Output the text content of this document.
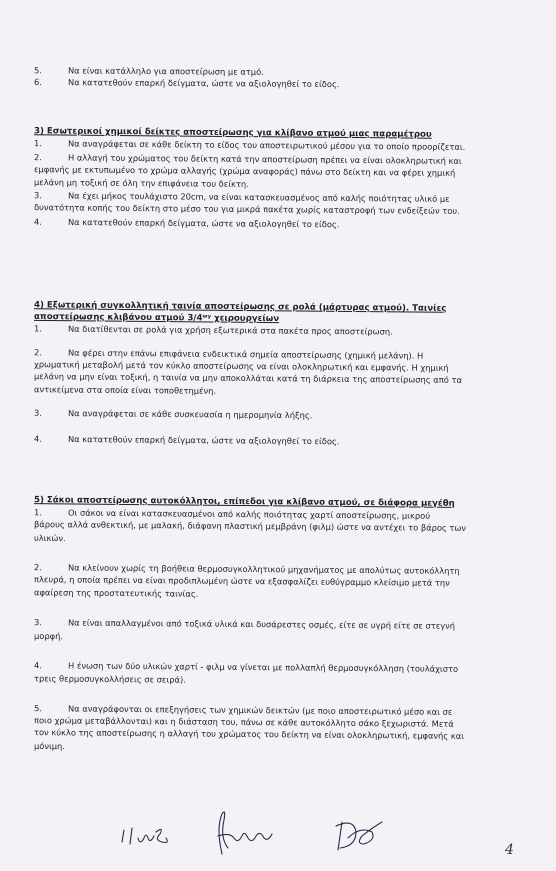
5.	Να είναι κατάλληλο για αποστείρωση με ατμό.
6.	Να κατατεθούν επαρκή δείγματα, ώστε να αξιολογηθεί το είδος.
3) Εσωτερικοί χημικοί δείκτες αποστείρωσης για κλίβανο ατμού μιας παραμέτρου
1.	Να αναγράφεται σε κάθε δείκτη το είδος του αποστειρωτικού μέσου για το οποίο προορίζεται.
2.	Η αλλαγή του χρώματος του δείκτη κατά την αποστείρωση πρέπει να είναι ολοκληρωτική και
εμφανής με εκτυπωμένο το χρώμα αλλαγής (χρώμα αναφοράς) πάνω στο δείκτη και να φέρει χημική
μελάνη μη τοξική σε όλη την επιφάνεια του δείκτη.
3.	Να έχει μήκος τουλάχιστο 20cm, να είναι κατασκευασμένος από καλής ποιότητας υλικό με
δυνατότητα κοπής του δείκτη στο μέσο του για μικρά πακέτα χωρίς καταστροφή των ενδείξεών του.
4.	Να κατατεθούν επαρκή δείγματα, ώστε να αξιολογηθεί το είδος.
4) Εξωτερική συγκολλητική ταινία αποστείρωσης σε ρολά (μάρτυρας ατμού). Ταινίες
αποστείρωσης κλιβάνου ατμού 3/4ʷʸ χειρουργείων
1.	Να διατίθενται σε ρολά για χρήση εξωτερικά στα πακέτα προς αποστείρωση.
2.	Να φέρει στην επάνω επιφάνεια ενδεικτικά σημεία αποστείρωσης (χημική μελάνη). Η
χρωματική μεταβολή μετά τον κύκλο αποστείρωσης να είναι ολοκληρωτική και εμφανής. Η χημική
μελάνη να μην είναι τοξική, η ταινία να μην αποκολλάται κατά τη διάρκεια της αποστείρωσης από τα
αντικείμενα στα οποία είναι τοποθετημένη.
3.	Να αναγράφεται σε κάθε συσκευασία η ημερομηνία λήξης.
4.	Να κατατεθούν επαρκή δείγματα, ώστε να αξιολογηθεί το είδος.
5) Σάκοι αποστείρωσης αυτοκόλλητοι, επίπεδοι για κλίβανο ατμού, σε διάφορα μεγέθη
1.	Οι σάκοι να είναι κατασκευασμένοι από καλής ποιότητας χαρτί αποστείρωσης, μικρού
βάρους αλλά ανθεκτική, με μαλακή, διάφανη πλαστική μεμβράνη (φιλμ) ώστε να αντέχει το βάρος των
υλικών.
2.	Να κλείνουν χωρίς τη βοήθεια θερμοσυγκολλητικού μηχανήματος με απολύτως αυτοκόλλητη
πλευρά, η οποία πρέπει να είναι προδιπλωμένη ώστε να εξασφαλίζει ευθύγραμμο κλείσιμο μετά την
αφαίρεση της προστατευτικής ταινίας.
3.	Να είναι απαλλαγμένοι από τοξικά υλικά και δυσάρεστες οσμές, είτε σε υγρή είτε σε στεγνή
μορφή.
4.	Η ένωση των δύο υλικών χαρτί - φιλμ να γίνεται με πολλαπλή θερμοσυγκόλληση (τουλάχιστο
τρεις θερμοσυγκολλήσεις σε σειρά).
5.	Να αναγράφονται οι επεξηγήσεις των χημικών δεικτών (με ποιο αποστειρωτικό μέσο και σε
ποιο χρώμα μεταβάλλονται) και η διάσταση του, πάνω σε κάθε αυτοκόλλητο σάκο ξεχωριστά. Μετά
τον κύκλο της αποστείρωσης η αλλαγή του χρώματος του δείκτη να είναι ολοκληρωτική, εμφανής και
μόνιμη.
4
